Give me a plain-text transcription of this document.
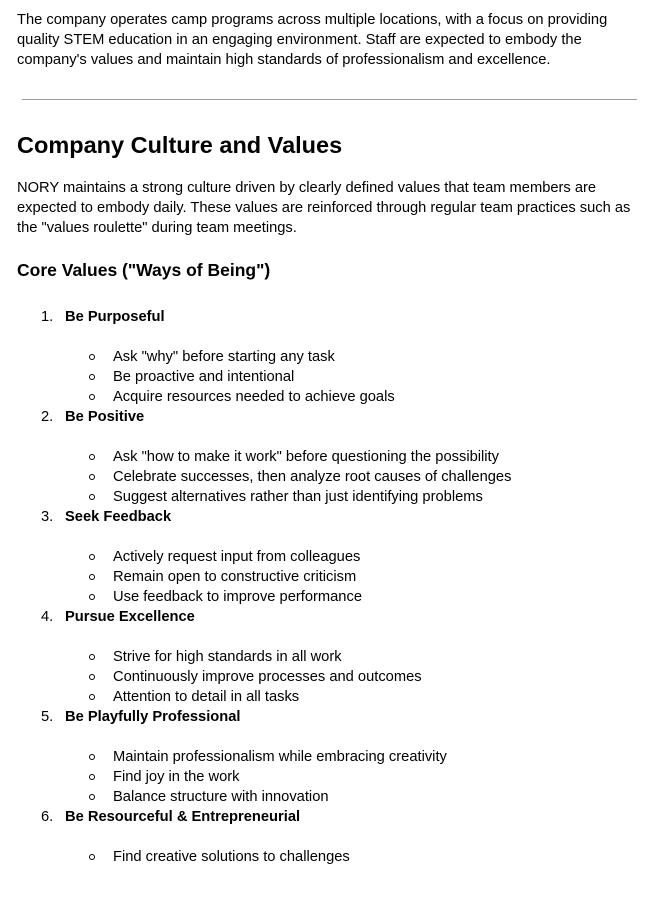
The company operates camp programs across multiple locations, with a focus on providing quality STEM education in an engaging environment. Staff are expected to embody the company's values and maintain high standards of professionalism and excellence.

Company Culture and Values

NORY maintains a strong culture driven by clearly defined values that team members are expected to embody daily. These values are reinforced through regular team practices such as the "values roulette" during team meetings.

Core Values ("Ways of Being")
1. Be Purposeful
Ask "why" before starting any task
Be proactive and intentional
Acquire resources needed to achieve goals
2. Be Positive
Ask "how to make it work" before questioning the possibility
Celebrate successes, then analyze root causes of challenges
Suggest alternatives rather than just identifying problems
3. Seek Feedback
Actively request input from colleagues
Remain open to constructive criticism
Use feedback to improve performance
4. Pursue Excellence
Strive for high standards in all work
Continuously improve processes and outcomes
Attention to detail in all tasks
5. Be Playfully Professional
Maintain professionalism while embracing creativity
Find joy in the work
Balance structure with innovation
6. Be Resourceful & Entrepreneurial
Find creative solutions to challenges
